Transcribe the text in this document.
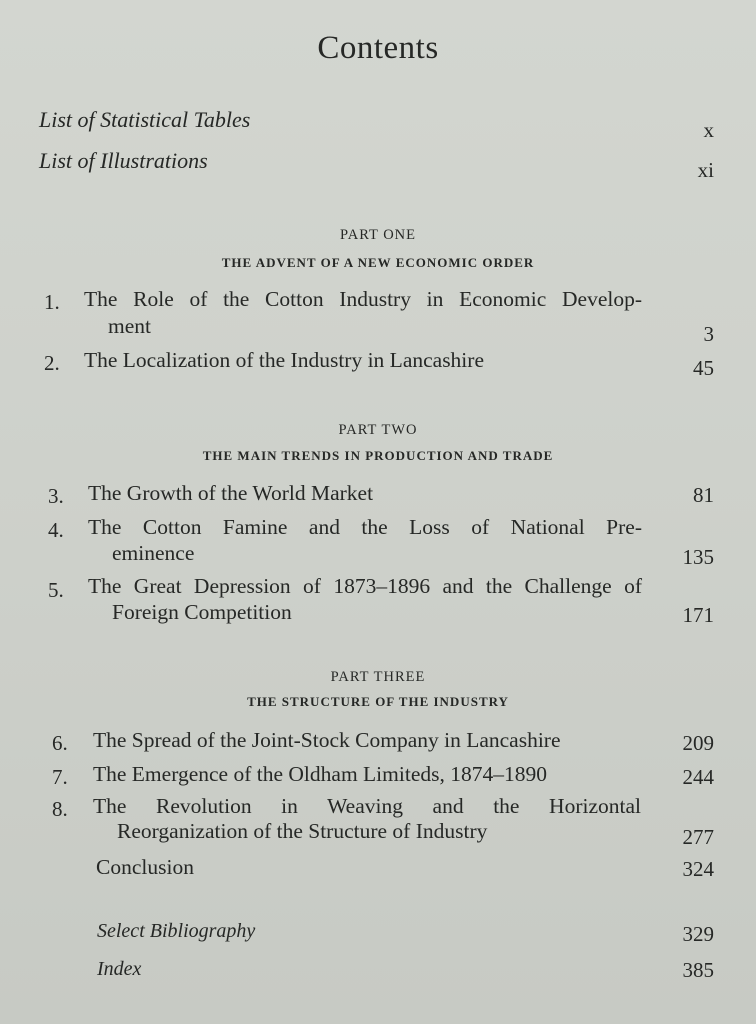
Contents
List of Statistical Tables	x
List of Illustrations	xi
PART ONE
THE ADVENT OF A NEW ECONOMIC ORDER
1. The Role of the Cotton Industry in Economic Develop-
ment	3
2. The Localization of the Industry in Lancashire	45
PART TWO
THE MAIN TRENDS IN PRODUCTION AND TRADE
3. The Growth of the World Market	81
4. The Cotton Famine and the Loss of National Pre-
eminence	135
5. The Great Depression of 1873–1896 and the Challenge of
Foreign Competition	171
PART THREE
THE STRUCTURE OF THE INDUSTRY
6. The Spread of the Joint-Stock Company in Lancashire	209
7. The Emergence of the Oldham Limiteds, 1874–1890	244
8. The Revolution in Weaving and the Horizontal
Reorganization of the Structure of Industry	277
Conclusion	324
Select Bibliography	329
Index	385
